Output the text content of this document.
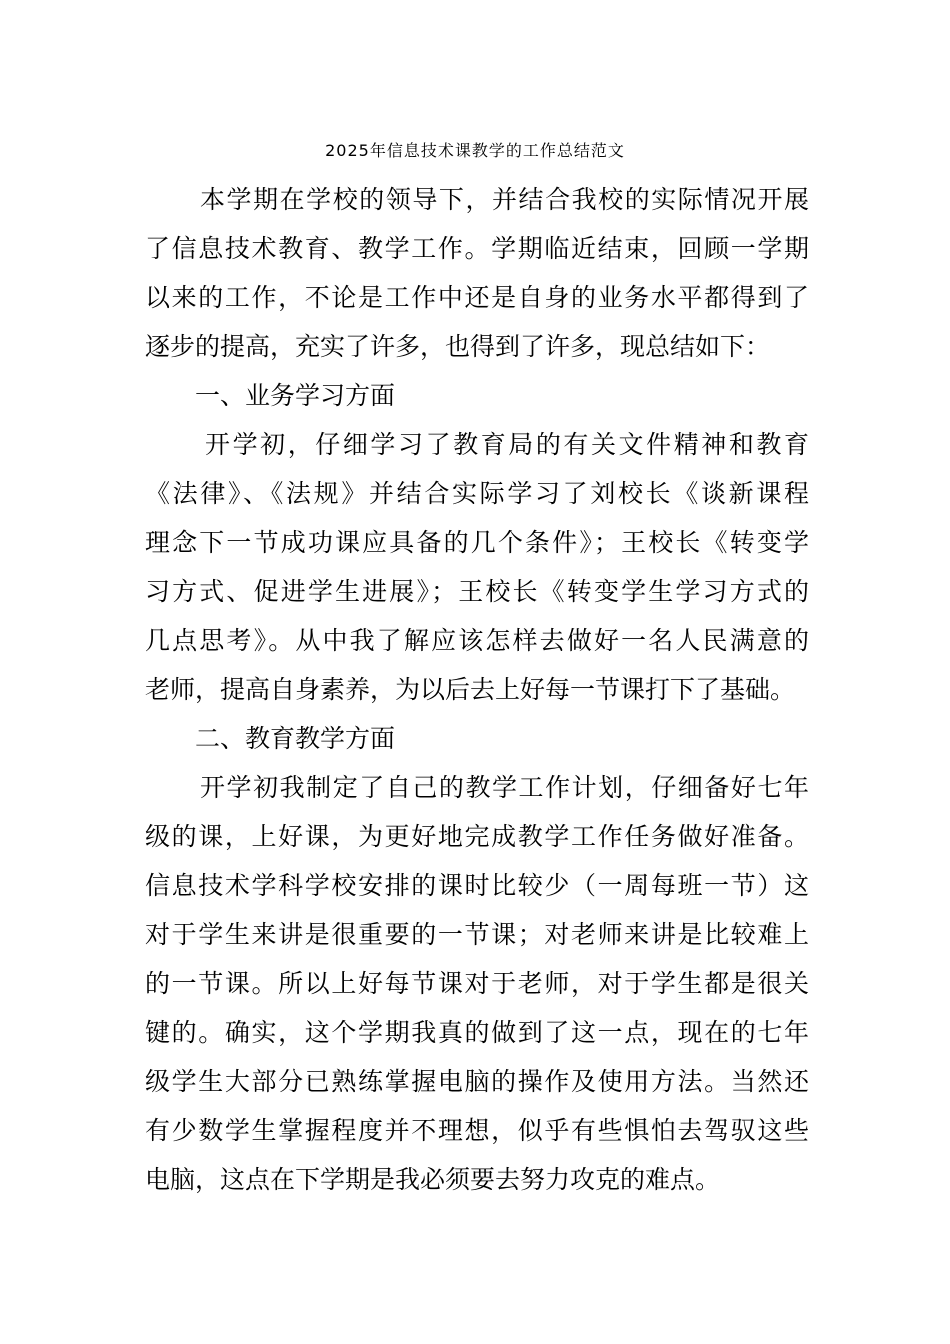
2025年信息技术课教学的工作总结范文
本学期在学校的领导下，并结合我校的实际情况开展
了信息技术教育、教学工作。学期临近结束，回顾一学期
以来的工作，不论是工作中还是自身的业务水平都得到了
逐步的提高，充实了许多，也得到了许多，现总结如下：
一、业务学习方面
开学初，仔细学习了教育局的有关文件精神和教育
《法律》、《法规》并结合实际学习了刘校长《谈新课程
理念下一节成功课应具备的几个条件》；王校长《转变学
习方式、促进学生进展》；王校长《转变学生学习方式的
几点思考》。从中我了解应该怎样去做好一名人民满意的
老师，提高自身素养，为以后去上好每一节课打下了基础。
二、教育教学方面
开学初我制定了自己的教学工作计划，仔细备好七年
级的课，上好课，为更好地完成教学工作任务做好准备。
信息技术学科学校安排的课时比较少（一周每班一节）这
对于学生来讲是很重要的一节课；对老师来讲是比较难上
的一节课。所以上好每节课对于老师，对于学生都是很关
键的。确实，这个学期我真的做到了这一点，现在的七年
级学生大部分已熟练掌握电脑的操作及使用方法。当然还
有少数学生掌握程度并不理想，似乎有些惧怕去驾驭这些
电脑，这点在下学期是我必须要去努力攻克的难点。
